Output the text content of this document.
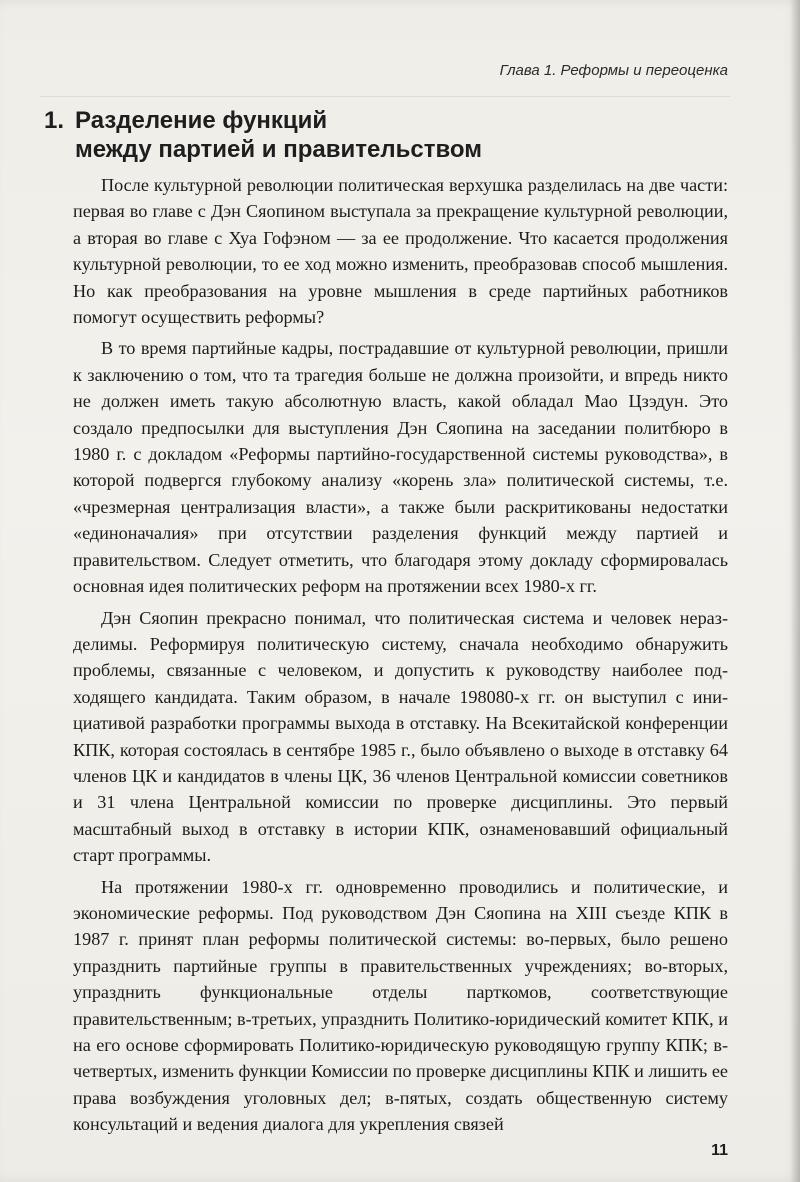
Глава 1. Реформы и переоценка
1. Разделение функций
между партией и правительством

После культурной революции политическая верхушка разделилась на две части: первая во главе с Дэн Сяопином выступала за прекращение культурной революции, а вторая во главе с Хуа Гофэном — за ее продолжение. Что касается продолжения культурной революции, то ее ход можно изменить, преобразовав способ мышления. Но как преобразования на уровне мышления в среде партийных работников помогут осуществить реформы?

В то время партийные кадры, пострадавшие от культурной революции, пришли к заключению о том, что та трагедия больше не должна произойти, и впредь никто не должен иметь такую абсолютную власть, какой обладал Мао Цзэдун. Это создало предпосылки для выступления Дэн Сяопина на заседании политбюро в 1980 г. с докладом «Реформы партийно-государственной системы руководства», в которой подвергся глубокому анализу «корень зла» политической системы, т.е. «чрезмерная централизация власти», а также были раскритикованы недостатки «единоначалия» при отсутствии разделения функций между партией и правительством. Следует отметить, что благодаря этому докладу сформировалась основная идея политических реформ на протяжении всех 1980-х гг.

Дэн Сяопин прекрасно понимал, что политическая система и человек неразделимы. Реформируя политическую систему, сначала необходимо обнаружить проблемы, связанные с человеком, и допустить к руководству наиболее подходящего кандидата. Таким образом, в начале 198080-х гг. он выступил с инициативой разработки программы выхода в отставку. На Всекитайской конференции КПК, которая состоялась в сентябре 1985 г., было объявлено о выходе в отставку 64 членов ЦК и кандидатов в члены ЦК, 36 членов Центральной комиссии советников и 31 члена Центральной комиссии по проверке дисциплины. Это первый масштабный выход в отставку в истории КПК, ознаменовавший официальный старт программы.

На протяжении 1980-х гг. одновременно проводились и политические, и экономические реформы. Под руководством Дэн Сяопина на XIII съезде КПК в 1987 г. принят план реформы политической системы: во-первых, было решено упразднить партийные группы в правительственных учреждениях; во-вторых, упразднить функциональные отделы парткомов, соответствующие правительственным; в-третьих, упразднить Политико-юридический комитет КПК, и на его основе сформировать Политико-юридическую руководящую группу КПК; в-четвертых, изменить функции Комиссии по проверке дисциплины КПК и лишить ее права возбуждения уголовных дел; в-пятых, создать общественную систему консультаций и ведения диалога для укрепления связей

11
